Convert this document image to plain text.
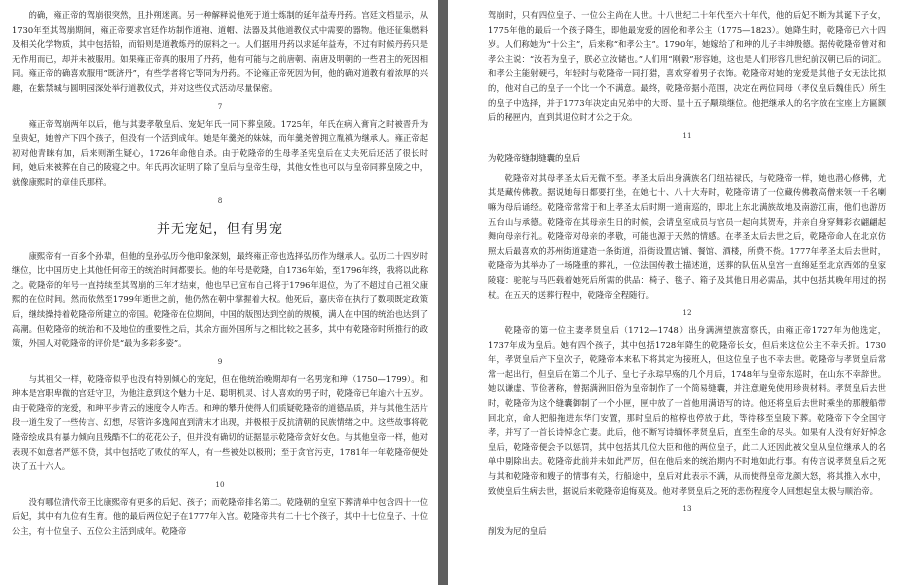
的确，雍正帝的驾崩很突然，且扑朔迷离。另一种解释说他死于道士炼制的延年益寿丹药。宫廷文档显示，从1730年至其驾崩期间，雍正帝要求宫廷作坊制作道袍、道帽、法器及其他道教仪式中需要的器物。他还征集燃料及相关化学物质，其中包括铅，而铅则是道教炼丹的原料之一。人们据用丹药以求延年益寿，不过有时候丹药只是无作用而已，却并未被服用。如果雍正帝真的服用了丹药，他有可能与之前唐朝、南唐及明朝的一些君主的死因相同。雍正帝的确喜欢服用“既济丹”，有些学者将它等同为丹药。不论雍正帝死因为何，他的确对道教有着浓厚的兴趣，在紫禁城与圆明园深处举行道教仪式，并对这些仪式活动尽量保密。

7

雍正帝驾崩两年以后，他与其妻孝敬皇后、宠妃年氏一同下葬皇陵。1725年，年氏在病入膏肓之时被晋升为皇贵妃，她曾产下四个孩子，但没有一个活到成年。她是年羹尧的妹妹，而年羹尧曾拥立胤禛为继承人。雍正帝起初对他青睐有加，后来则渐生疑心，1726年命他自杀。由于乾隆帝的生母孝圣宪皇后在丈夫死后还活了很长时间，她后来被葬在自己的陵寝之中。年氏再次证明了除了皇后与皇帝生母，其他女性也可以与皇帝同葬皇陵之中，就像康熙时的章佳氏那样。

8
并无宠妃，但有男宠

康熙帝有一百多个孙辈，但他的皇孙弘历今他印象深刻，最终雍正帝也选择弘历作为继承人。弘历二十四岁时继位，比中国历史上其他任何帝王的统治时间都要长。他的年号是乾隆，自1736年始，至1796年终，我将以此称之。乾隆帝的年号一直持续至其驾崩的三年才结束，他也早已宣布自己将于1796年退位，为了不超过自己祖父康熙的在位时间。然而依然至1799年逝世之前，他仍然在朝中掌握着大权。他死后，嘉庆帝在执行了数项既定政策后，继续操持着乾隆帝所建立的帝国。乾隆帝在位期间，中国的版图达到空前的规模，满人在中国的统治也达到了高潮。但乾隆帝的统治和不及地位的重要性之后，其余方面外国所与之相比较之甚多，其中有乾隆帝时所推行的政策，外国人对乾隆帝的评价是“最为多彩多姿”。

9

与其祖父一样，乾隆帝似乎也没有特别倾心的宠妃，但在他统治晚期却有一名男宠和珅（1750—1799）。和珅本是宫职卑微的宫廷守卫，为他注意到这个魅力十足、聪明机灵、讨人喜欢的男子时，乾隆帝已年逾六十五岁。由于乾隆帝的宠爱，和珅平步青云的速度令人咋舌。和珅的攀升使得人们质疑乾隆帝的道德品质，并与其他生活片段一道生发了一些传言、幻想，尽管许多逸闻直到清末才出现，并极根于反抗清朝的民族情绪之中。这些故事将乾隆帝绘成具有暴力倾向且残酷不仁的花花公子，但并没有确切的证据显示乾隆帝贪好女色。与其他皇帝一样，他对表现不如意者严惩不贷，其中包括吃了败仗的军人，有一些被处以极刑；至于贪官污吏，1781年一年乾隆帝便处决了五十六人。

10

没有哪位清代帝王比康熙帝有更多的后妃、孩子；而乾隆帝排名第二。乾隆朝的皇室下葬清单中包含四十一位后妃，其中有九位有生育。他的最后两位妃子在1777年入宫。乾隆帝共有二十七个孩子，其中十七位皇子、十位公主，有十位皇子、五位公主活到成年。乾隆帝

驾崩时，只有四位皇子、一位公主尚在人世。十八世纪二十年代至六十年代，他的后妃不断为其诞下子女，1775年他的最后一个孩子降生，即他最宠爱的固伦和孝公主（1775—1823）。她降生时，乾隆帝已六十四岁。人们称她为“十公主”，后来称“和孝公主”。1790年，她嫁给了和珅的儿子丰绅殷德。据传乾隆帝曾对和孝公主说：“汝若为皇子，朕必立汝储也。”人们用“刚毅”形容她，这也是人们形容几世纪前汉朝已后的词汇。和孝公主能射硬弓，年轻时与乾隆帝一同打猎，喜欢穿着男子衣饰。乾隆帝对她的宠爱是其他子女无法比拟的，他对自己的皇子一个比一个不满意。最终，乾隆帝据小范围，决定在两位同母（孝仪皇后魏佳氏）所生的皇子中选择，并于1773年决定由兄弟中的大哥、显十五子颙琰继位。他把继承人的名字放在宝座上方匾额后的秘匣内，直到其退位时才公之于众。

11
为乾隆帝缝制缝囊的皇后

乾隆帝对其母孝圣太后无微不至。孝圣太后出身满族名门纽祜禄氏，与乾隆帝一样，她也潜心修佛，尤其是藏传佛教。据说她每日都要打坐，在她七十、八十大寿时，乾隆帝请了一位藏传佛教高僧来领一千名喇嘛为母后诵经。乾隆帝常常于和上孝圣太后时期一道南巡的，即北上东北满族故地及南游江南，他们也游历五台山与承德。乾隆帝在其母亲生日的时候，会请皇室成员与官员一起向其贺寿，并亲自身穿舞彩衣翩翩起舞向母亲行礼。乾隆帝对母亲的孝敬，可能也源于天然的情感。在孝圣太后去世之后，乾隆帝命人在北京仿照太后最喜欢的苏州街道建造一条街道，沿街设置店铺、餐馆、酒楼，所费不赀。1777年孝圣太后去世时，乾隆帝为其举办了一场隆重的葬礼，一位法国传教士描述道，送葬的队伍从皇宫一直绵延至北京西郊的皇家陵寝：驼驼与马匹载着她死后所需的供品：椅子、毯子、箱子及其他日用必需品，其中包括其晚年用过的拐杖。在五天的送葬行程中，乾隆帝全程随行。

12

乾隆帝的第一位主妻孝贤皇后（1712—1748）出身满洲望族富察氏，由雍正帝1727年为他选定，1737年成为皇后。她有四个孩子，其中包括1728年降生的乾隆帝长女，但后来这位公主不幸夭折。1730年，孝贤皇后产下皇次子，乾隆帝本来私下将其定为接班人，但这位皇子也不幸去世。乾隆帝与孝贤皇后常常一起出行，但皇后在第二个儿子、皇七子永琮早殇的几个月后，1748年与皇帝东巡时，在山东不幸辞世。她以谦虚、节俭著称，曾据满洲旧俗为皇帝制作了一个简易缝囊，并注意避免使用珍贵材料。孝贤皇后去世时，乾隆帝为这个缝囊御制了一个小匣，匣中放了一首他用满语写的诗。他还将皇后去世时乘坐的那艘船带回北京，命人把船拖进东华门安置，那时皇后的棺椁也停放于此，等待移至皇陵下葬。乾隆帝下令全国守孝，并写了一首长诗悼念亡妻。此后，他不断写诗缅怀孝贤皇后，直至生命的尽头。如果有人没有好好悼念皇后，乾隆帝便会予以惩罚，其中包括其几位大臣和他的两位皇子，此二人还因此被父皇从皇位继承人的名单中剔除出去。乾隆帝此前并未如此严厉，但在他后来的统治期内不时地如此行事。有传言说孝贤皇后之死与其和乾隆帝和嫂子的情事有关，行船途中，皇后对此表示不满，从而使得皇帝龙颜大怒，将其推入水中，致使皇后生病去世，据说后来乾隆帝追悔莫及。他对孝贤皇后之死的悲伤程度令人回想起皇太极与顺治帝。

13
削发为尼的皇后
